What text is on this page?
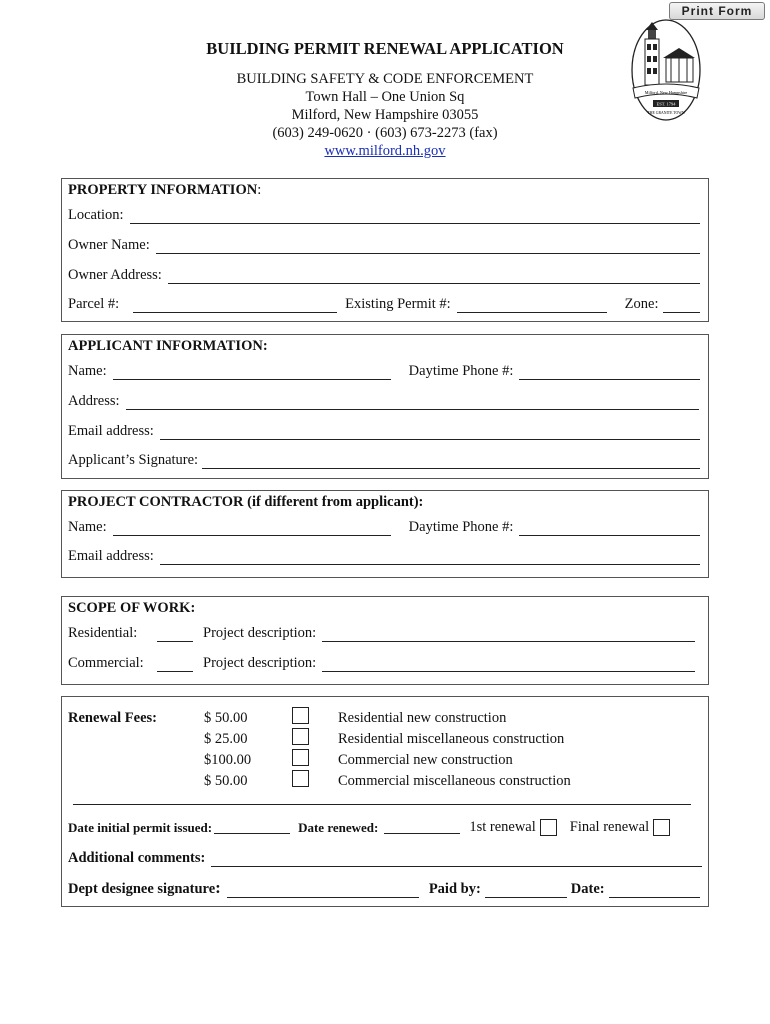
Print Form
Milford, New Hampshire
EST. 1794
THE GRANITE TOWN
BUILDING PERMIT RENEWAL APPLICATION
BUILDING SAFETY & CODE ENFORCEMENT
Town Hall – One Union Sq
Milford, New Hampshire 03055
(603) 249-0620 · (603) 673-2273 (fax)
www.milford.nh.gov
PROPERTY INFORMATION :
Location:
Owner Name:
Owner Address:
Parcel #:	Existing Permit #:	Zone:
APPLICANT INFORMATION:
Name:	Daytime Phone #:
Address:
Email address:
Applicant’s Signature:
PROJECT CONTRACTOR (if different from applicant):
Name:	Daytime Phone #:
Email address:
SCOPE OF WORK:
Residential:	Project description:
Commercial:	Project description:
Renewal Fees:	$ 50.00	Residential new construction
$ 25.00	Residential miscellaneous construction
$100.00	Commercial new construction
$ 50.00	Commercial miscellaneous construction
Date initial permit issued:	Date renewed:	1st renewal Final renewal
Additional comments:
Dept designee signature :	Paid by:	Date:
